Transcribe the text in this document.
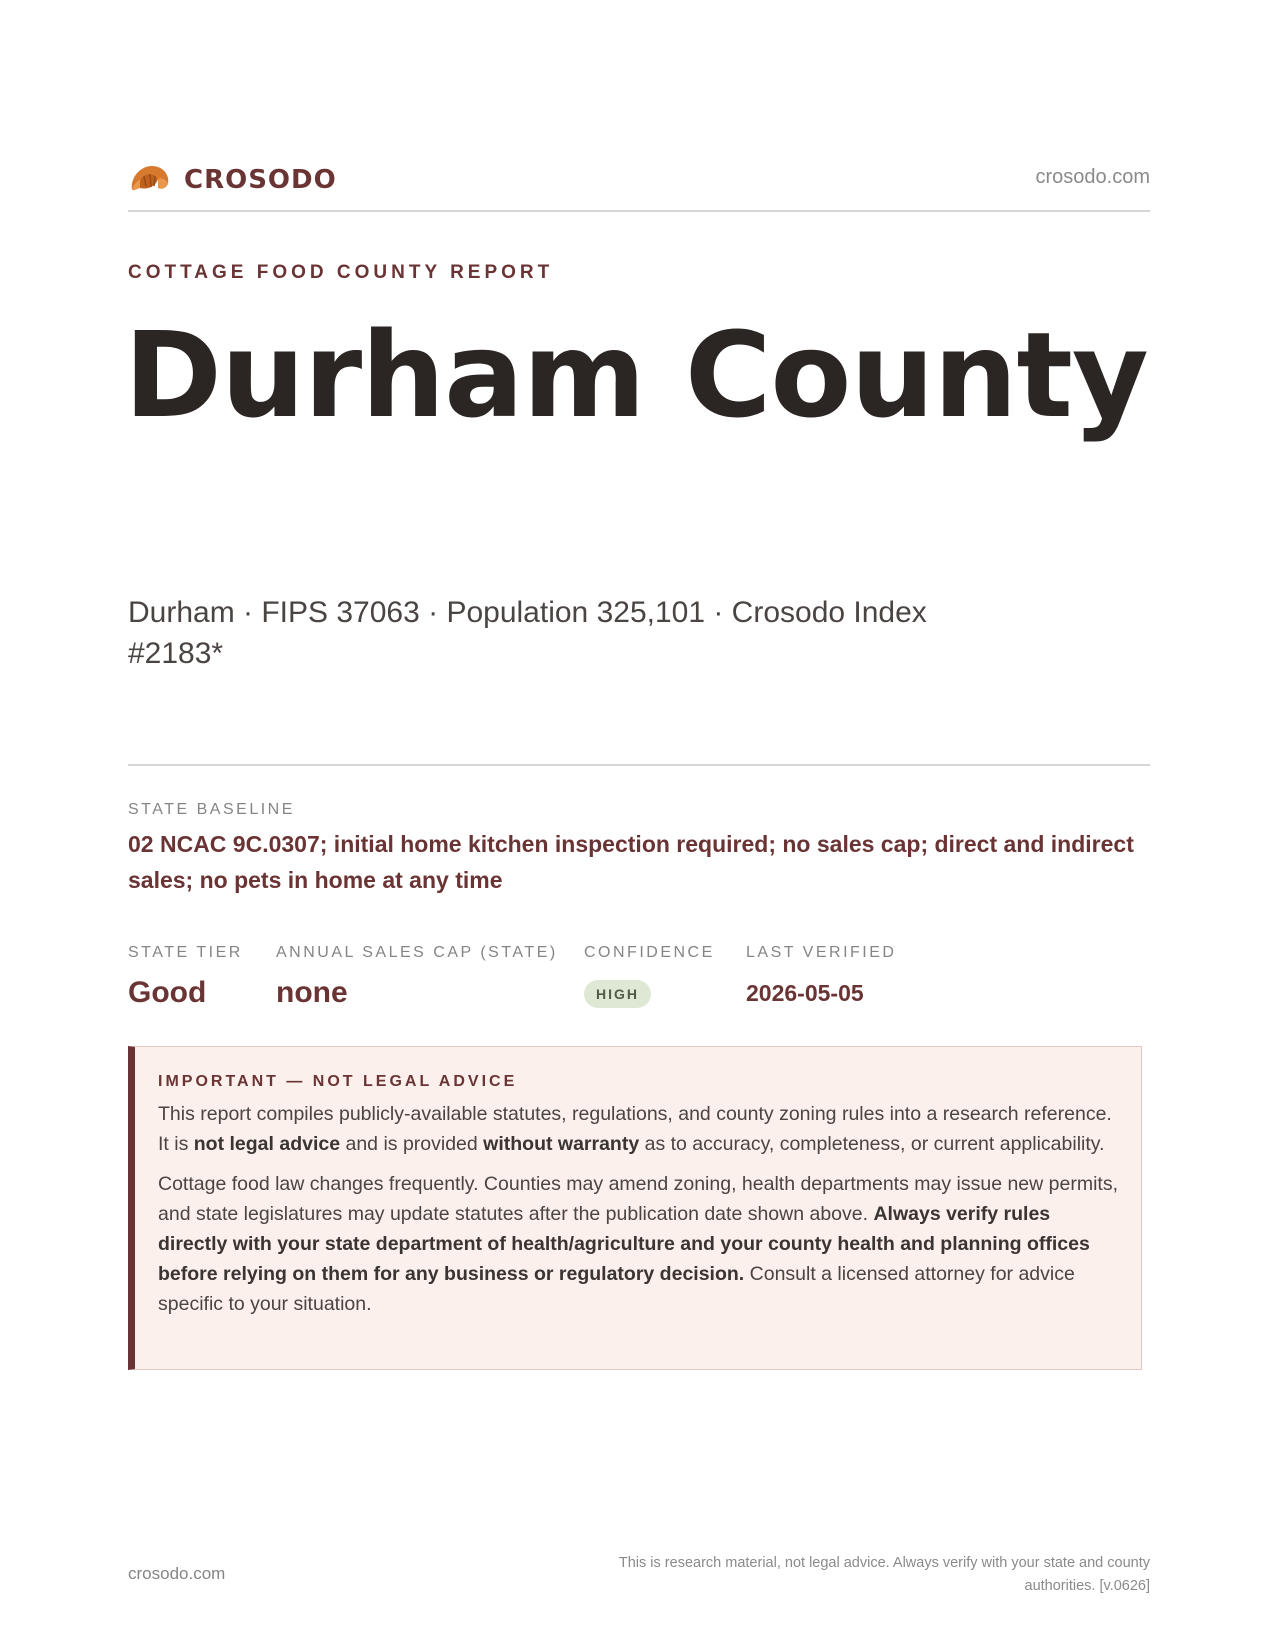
CROSODO	crosodo.com
COTTAGE FOOD COUNTY REPORT
Durham County

Durham · FIPS 37063 · Population 325,101 · Crosodo Index #2183*

STATE BASELINE

02 NCAC 9C.0307; initial home kitchen inspection required; no sales cap; direct and indirect sales; no pets in home at any time

STATE TIER
Good
ANNUAL SALES CAP (STATE)
none
CONFIDENCE
HIGH
LAST VERIFIED
2026-05-05
IMPORTANT — NOT LEGAL ADVICE

This report compiles publicly-available statutes, regulations, and county zoning rules into a research reference. It is not legal advice and is provided without warranty as to accuracy, completeness, or current applicability.

Cottage food law changes frequently. Counties may amend zoning, health departments may issue new permits, and state legislatures may update statutes after the publication date shown above. Always verify rules directly with your state department of health/agriculture and your county health and planning offices before relying on them for any business or regulatory decision. Consult a licensed attorney for advice specific to your situation.

crosodo.com
This is research material, not legal advice. Always verify with your state and county authorities. [v.0626]
